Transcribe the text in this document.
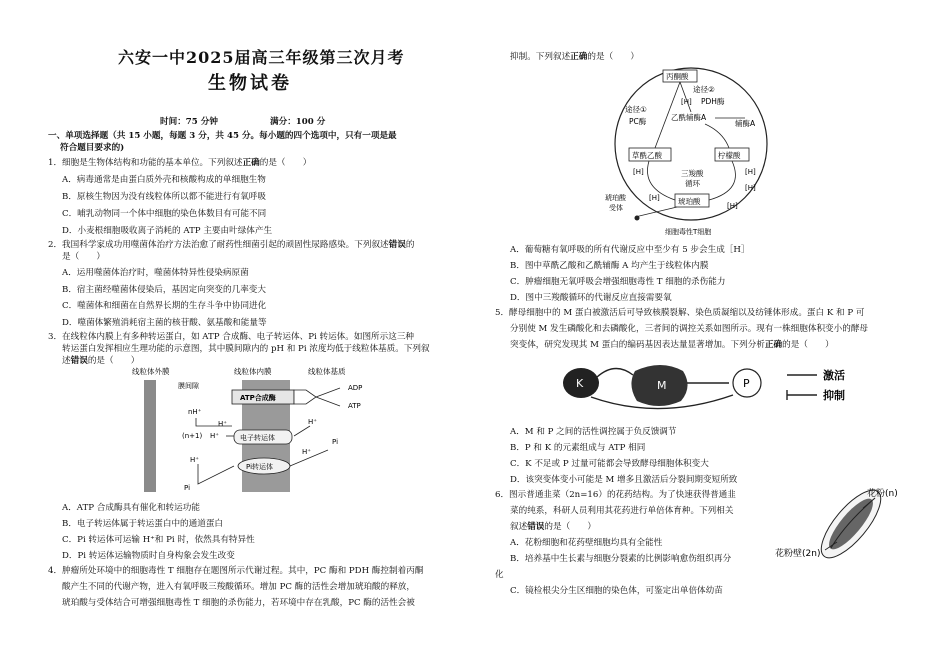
六安一中2025届高三年级第三次月考
生物试卷
时间：75 分钟	满分：100 分
一、单项选择题（共 15 小题，每题 3 分，共 45 分。每小题的四个选项中，只有一项是最
符合题目要求的)
1．细胞是生物体结构和功能的基本单位。下列叙述正确的是（　　）
A．病毒通常是由蛋白质外壳和核酸构成的单细胞生物
B．原核生物因为没有线粒体所以都不能进行有氧呼吸
C．哺乳动物同一个体中细胞的染色体数目有可能不同
D．小麦根细胞吸收离子消耗的 ATP 主要由叶绿体产生
2．我国科学家成功用噬菌体治疗方法治愈了耐药性细菌引起的顽固性尿路感染。下列叙述错误的
是（　　）
A．运用噬菌体治疗时，噬菌体特异性侵染病原菌
B．宿主菌经噬菌体侵染后，基因定向突变的几率变大
C．噬菌体和细菌在自然界长期的生存斗争中协同进化
D．噬菌体繁殖消耗宿主菌的核苷酸、氨基酸和能量等
3．在线粒体内膜上有多种转运蛋白，如 ATP 合成酶、电子转运体、Pi 转运体。如图所示这三种
转运蛋白发挥相应生理功能的示意图，其中膜间隙内的 pH 和 Pi 浓度均低于线粒体基质。下列叙
述错误的是（　　）
线粒体外膜	线粒体内膜	线粒体基质
膜间隙
ATP合成酶
电子转运体
Pi转运体
nH⁺
(n+1) H⁺
H⁺
H⁺
H⁺
H⁺
ADP
ATP
Pi
Pi
A．ATP 合成酶具有催化和转运功能
B．电子转运体属于转运蛋白中的通道蛋白
C．Pi 转运体可运输 H⁺和 Pi 时，依然具有特异性
D．Pi 转运体运输物质时自身构象会发生改变
4．肿瘤所处环境中的细胞毒性 T 细胞存在题图所示代谢过程。其中，PC 酶和 PDH 酶控制着丙酮
酸产生不同的代谢产物，进入有氧呼吸三羧酸循环。增加 PC 酶的活性会增加琥珀酸的释放，
琥珀酸与受体结合可增强细胞毒性 T 细胞的杀伤能力，若环境中存在乳酸，PC 酶的活性会被
抑制。下列叙述正确的是（　　）
丙酮酸
途径②
[H] PDH酶
途径①
PC酶	乙酰辅酶A
辅酶A
草酰乙酸	柠檬酸
三羧酸
循环
琥珀酸
[H]	[H]
[H]
[H]
[H]
琥珀酸
受体
细胞毒性T细胞
A．葡萄糖有氧呼吸的所有代谢反应中至少有 5 步会生成［H］
B．图中草酰乙酸和乙酰辅酶 A 均产生于线粒体内膜
C．肿瘤细胞无氧呼吸会增强细胞毒性 T 细胞的杀伤能力
D．图中三羧酸循环的代谢反应直接需要氧
5．酵母细胞中的 M 蛋白被激活后可导致核膜裂解、染色质凝缩以及纺锤体形成。蛋白 K 和 P 可
分别使 M 发生磷酸化和去磷酸化，三者间的调控关系如图所示。现有一株细胞体积变小的酵母
突变体，研究发现其 M 蛋白的编码基因表达量显著增加。下列分析正确的是（　　）
K	M	P
激活
抑制
A．M 和 P 之间的活性调控属于负反馈调节
B．P 和 K 的元素组成与 ATP 相同
C．K 不足或 P 过量可能都会导致酵母细胞体积变大
D．该突变体变小可能是 M 增多且激活后分裂间期变短所致
6．图示普通韭菜（2n=16）的花药结构。为了快速获得普通韭
菜的纯系，科研人员利用其花药进行单倍体育种。下列相关
叙述错误的是（　　）
A．花粉细胞和花药壁细胞均具有全能性
B．培养基中生长素与细胞分裂素的比例影响愈伤组织再分
化
C．镜检根尖分生区细胞的染色体，可鉴定出单倍体幼苗
花粉(n)
花粉壁(2n)
